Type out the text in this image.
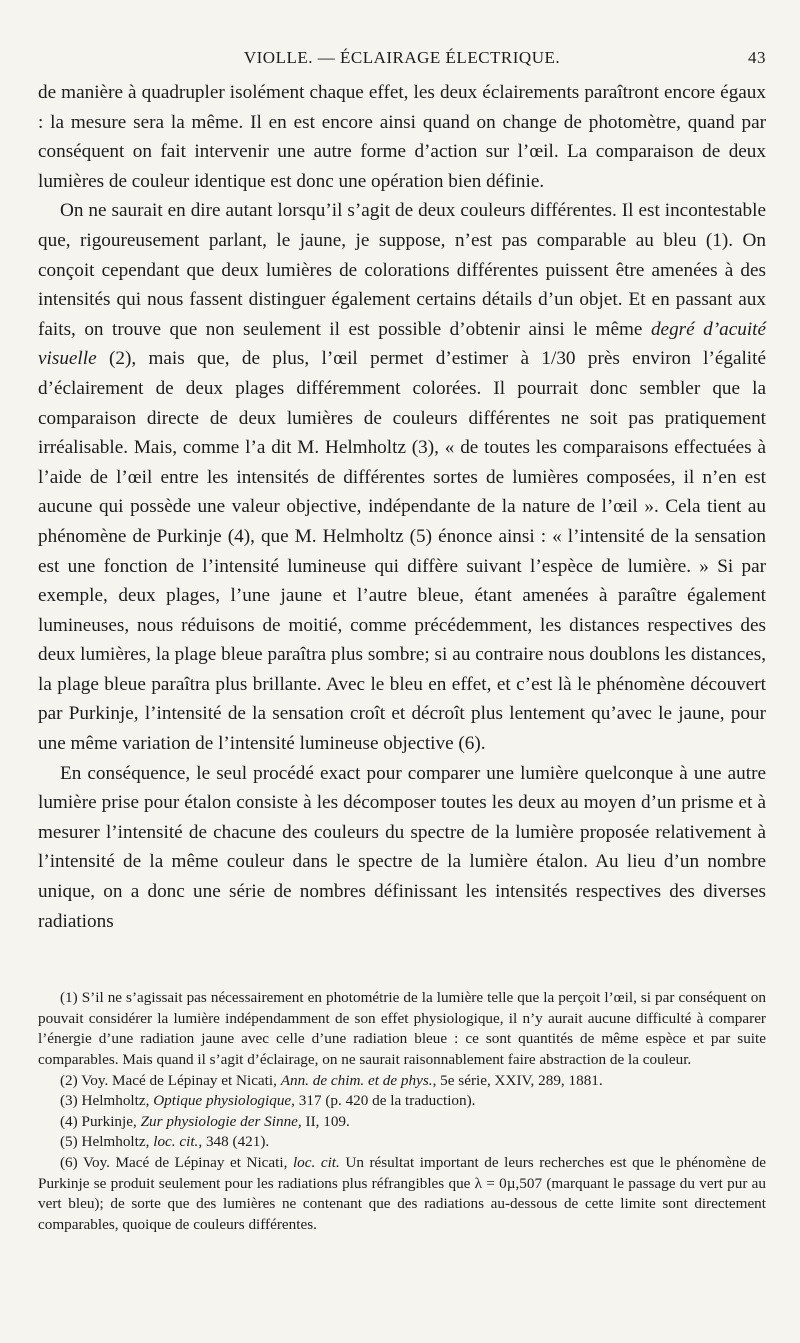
VIOLLE. — ÉCLAIRAGE ÉLECTRIQUE.	43

de manière à quadrupler isolément chaque effet, les deux éclairements paraîtront encore égaux : la mesure sera la même. Il en est encore ainsi quand on change de photomètre, quand par conséquent on fait intervenir une autre forme d’action sur l’œil. La comparaison de deux lumières de couleur identique est donc une opération bien définie.

On ne saurait en dire autant lorsqu’il s’agit de deux couleurs différentes. Il est incontestable que, rigoureusement parlant, le jaune, je suppose, n’est pas comparable au bleu (1). On conçoit cependant que deux lumières de colorations différentes puissent être amenées à des intensités qui nous fassent distinguer également certains détails d’un objet. Et en passant aux faits, on trouve que non seulement il est possible d’obtenir ainsi le même degré d’acuité visuelle (2), mais que, de plus, l’œil permet d’estimer à 1/30 près environ l’égalité d’éclairement de deux plages différemment colorées. Il pourrait donc sembler que la comparaison directe de deux lumières de couleurs différentes ne soit pas pratiquement irréalisable. Mais, comme l’a dit M. Helmholtz (3), « de toutes les comparaisons effectuées à l’aide de l’œil entre les intensités de différentes sortes de lumières composées, il n’en est aucune qui possède une valeur objective, indépendante de la nature de l’œil ». Cela tient au phénomène de Purkinje (4), que M. Helmholtz (5) énonce ainsi : « l’intensité de la sensation est une fonction de l’intensité lumineuse qui diffère suivant l’espèce de lumière. » Si par exemple, deux plages, l’une jaune et l’autre bleue, étant amenées à paraître également lumineuses, nous réduisons de moitié, comme précédemment, les distances respectives des deux lumières, la plage bleue paraîtra plus sombre; si au contraire nous doublons les distances, la plage bleue paraîtra plus brillante. Avec le bleu en effet, et c’est là le phénomène découvert par Purkinje, l’intensité de la sensation croît et décroît plus lentement qu’avec le jaune, pour une même variation de l’intensité lumineuse objective (6).

En conséquence, le seul procédé exact pour comparer une lumière quelconque à une autre lumière prise pour étalon consiste à les décomposer toutes les deux au moyen d’un prisme et à mesurer l’intensité de chacune des couleurs du spectre de la lumière proposée relativement à l’intensité de la même couleur dans le spectre de la lumière étalon. Au lieu d’un nombre unique, on a donc une série de nombres définissant les intensités respectives des diverses radiations

(1) S’il ne s’agissait pas nécessairement en photométrie de la lumière telle que la perçoit l’œil, si par conséquent on pouvait considérer la lumière indépendamment de son effet physiologique, il n’y aurait aucune difficulté à comparer l’énergie d’une radiation jaune avec celle d’une radiation bleue : ce sont quantités de même espèce et par suite comparables. Mais quand il s’agit d’éclairage, on ne saurait raisonnablement faire abstraction de la couleur.

(2) Voy. Macé de Lépinay et Nicati, Ann. de chim. et de phys., 5e série, XXIV, 289, 1881.

(3) Helmholtz, Optique physiologique, 317 (p. 420 de la traduction).

(4) Purkinje, Zur physiologie der Sinne, II, 109.

(5) Helmholtz, loc. cit., 348 (421).

(6) Voy. Macé de Lépinay et Nicati, loc. cit. Un résultat important de leurs recherches est que le phénomène de Purkinje se produit seulement pour les radiations plus réfrangibles que λ = 0µ,507 (marquant le passage du vert pur au vert bleu); de sorte que des lumières ne contenant que des radiations au-dessous de cette limite sont directement comparables, quoique de couleurs différentes.
